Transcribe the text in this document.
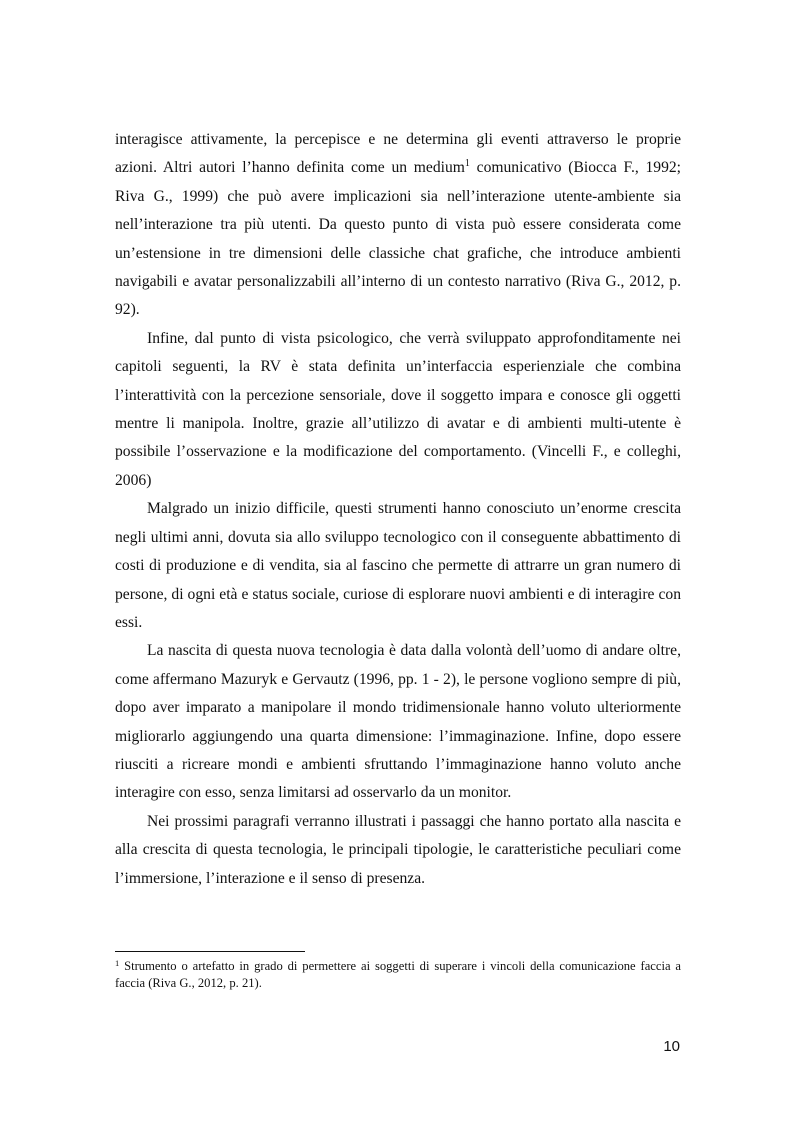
interagisce attivamente, la percepisce e ne determina gli eventi attraverso le proprie azioni. Altri autori l’hanno definita come un medium$^1$ comunicativo (Biocca F., 1992; Riva G., 1999) che può avere implicazioni sia nell’interazione utente-ambiente sia nell’interazione tra più utenti. Da questo punto di vista può essere considerata come un’estensione in tre dimensioni delle classiche chat grafiche, che introduce ambienti navigabili e avatar personalizzabili all’interno di un contesto narrativo (Riva G., 2012, p. 92).

Infine, dal punto di vista psicologico, che verrà sviluppato approfonditamente nei capitoli seguenti, la RV è stata definita un’interfaccia esperienziale che combina l’interattività con la percezione sensoriale, dove il soggetto impara e conosce gli oggetti mentre li manipola. Inoltre, grazie all’utilizzo di avatar e di ambienti multi-utente è possibile l’osservazione e la modificazione del comportamento. (Vincelli F., e colleghi, 2006)

Malgrado un inizio difficile, questi strumenti hanno conosciuto un’enorme crescita negli ultimi anni, dovuta sia allo sviluppo tecnologico con il conseguente abbattimento di costi di produzione e di vendita, sia al fascino che permette di attrarre un gran numero di persone, di ogni età e status sociale, curiose di esplorare nuovi ambienti e di interagire con essi.

La nascita di questa nuova tecnologia è data dalla volontà dell’uomo di andare oltre, come affermano Mazuryk e Gervautz (1996, pp. 1 - 2), le persone vogliono sempre di più, dopo aver imparato a manipolare il mondo tridimensionale hanno voluto ulteriormente migliorarlo aggiungendo una quarta dimensione: l’immaginazione. Infine, dopo essere riusciti a ricreare mondi e ambienti sfruttando l’immaginazione hanno voluto anche interagire con esso, senza limitarsi ad osservarlo da un monitor.

Nei prossimi paragrafi verranno illustrati i passaggi che hanno portato alla nascita e alla crescita di questa tecnologia, le principali tipologie, le caratteristiche peculiari come l’immersione, l’interazione e il senso di presenza.

$^1$ Strumento o artefatto in grado di permettere ai soggetti di superare i vincoli della comunicazione faccia a faccia (Riva G., 2012, p. 21).
10
